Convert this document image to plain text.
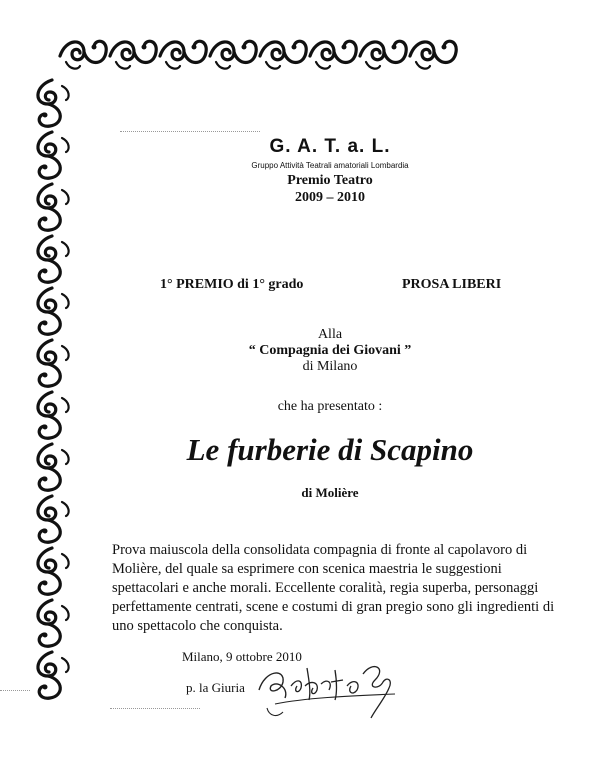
G. A. T. a. L.
Gruppo Attività Teatrali amatoriali Lombardia
Premio Teatro
2009 – 2010
1° PREMIO di 1° grado	PROSA LIBERI
Alla
“ Compagnia dei Giovani ”
di Milano
che ha presentato :
Le furberie di Scapino
di Molière
Prova maiuscola della consolidata compagnia di fronte al capolavoro di Molière, del quale sa esprimere con scenica maestria le suggestioni spettacolari e anche morali. Eccellente coralità, regia superba, personaggi perfettamente centrati, scene e costumi di gran pregio sono gli ingredienti di uno spettacolo che conquista.
Milano, 9 ottobre 2010
p. la Giuria
